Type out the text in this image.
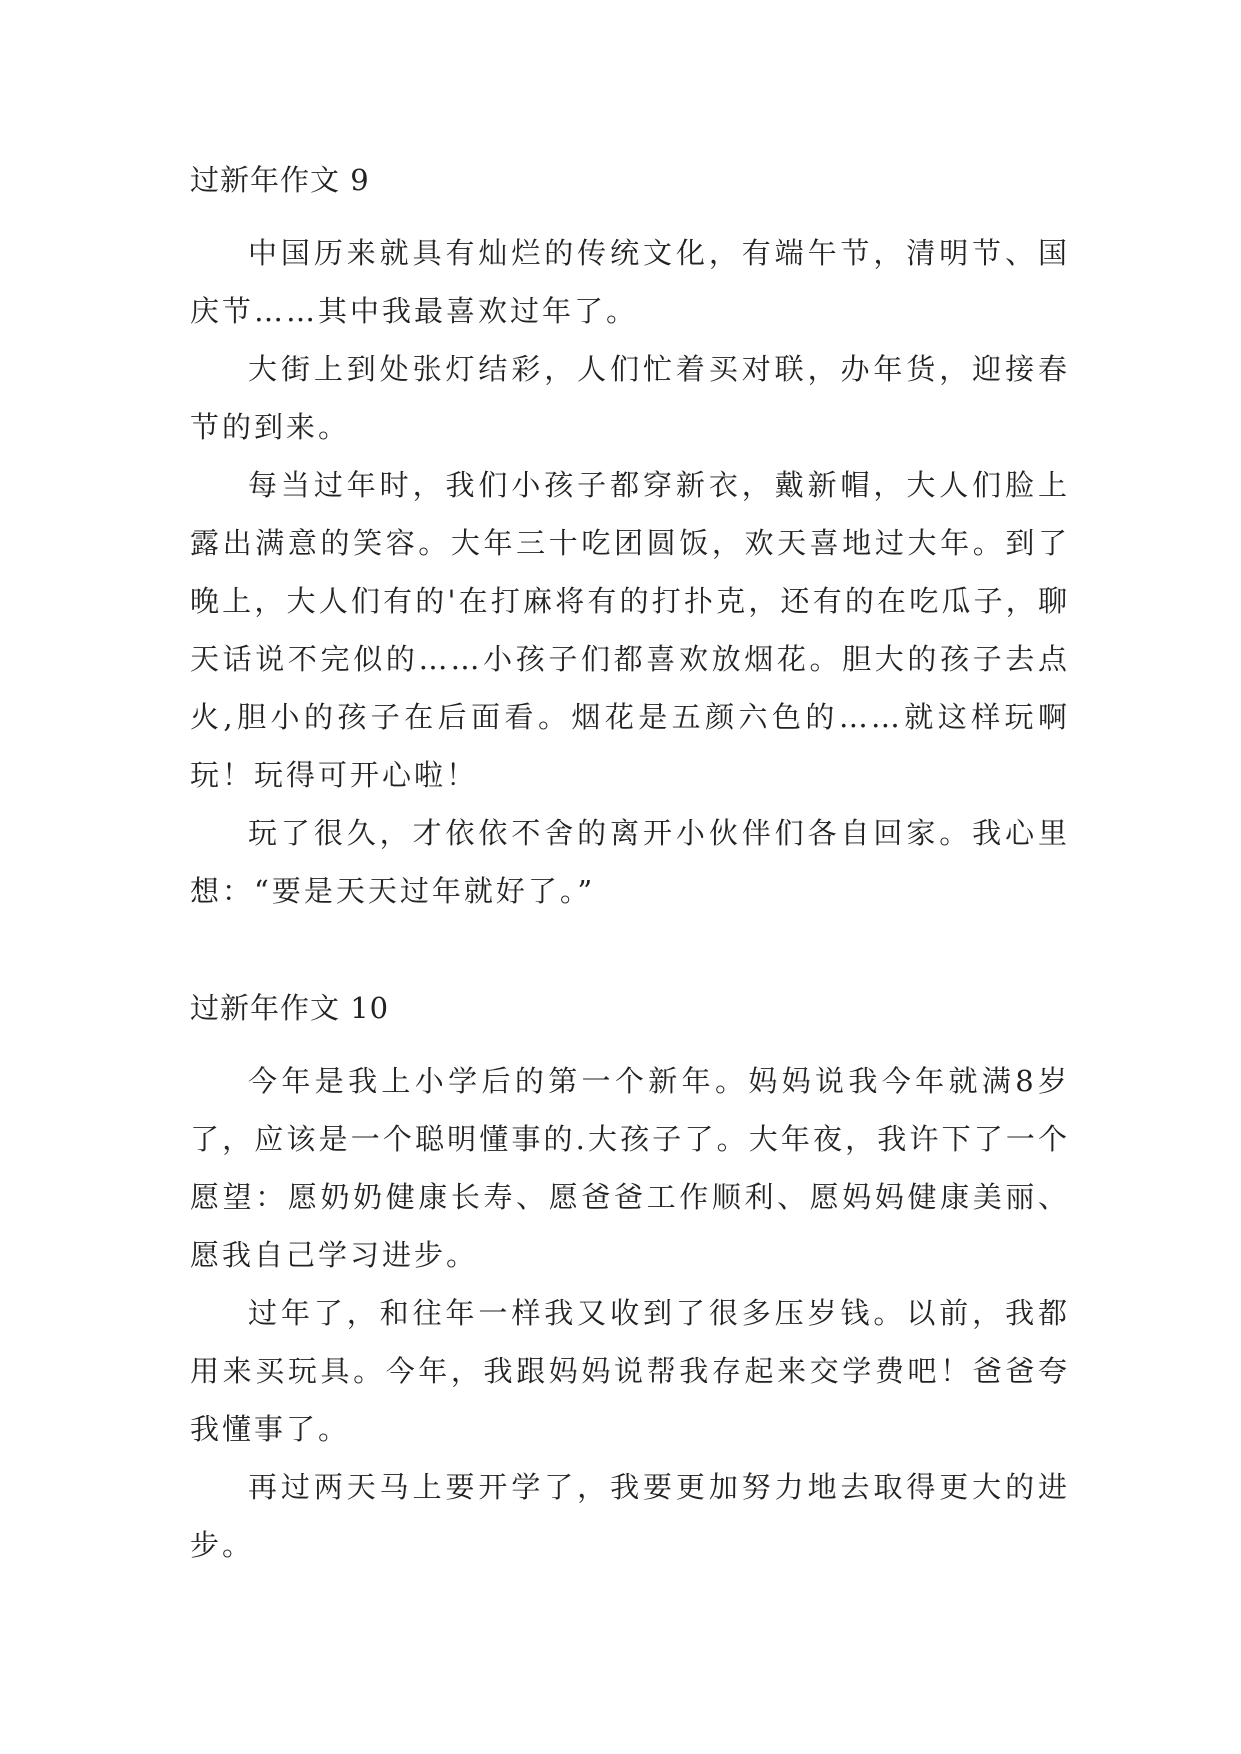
过新年作文 9

中国历来就具有灿烂的传统文化，有端午节，清明节、国庆节……其中我最喜欢过年了。

大街上到处张灯结彩，人们忙着买对联，办年货，迎接春节的到来。

每当过年时，我们小孩子都穿新衣，戴新帽，大人们脸上露出满意的笑容。大年三十吃团圆饭，欢天喜地过大年。到了晚上，大人们有的'在打麻将有的打扑克，还有的在吃瓜子，聊天话说不完似的……小孩子们都喜欢放烟花。胆大的孩子去点火,胆小的孩子在后面看。烟花是五颜六色的……就这样玩啊玩！玩得可开心啦！

玩了很久，才依依不舍的离开小伙伴们各自回家。我心里想：“要是天天过年就好了。”

过新年作文 10

今年是我上小学后的第一个新年。妈妈说我今年就满8岁了，应该是一个聪明懂事的.大孩子了。大年夜，我许下了一个愿望：愿奶奶健康长寿、愿爸爸工作顺利、愿妈妈健康美丽、愿我自己学习进步。

过年了，和往年一样我又收到了很多压岁钱。以前，我都用来买玩具。今年，我跟妈妈说帮我存起来交学费吧！爸爸夸我懂事了。

再过两天马上要开学了，我要更加努力地去取得更大的进步。
